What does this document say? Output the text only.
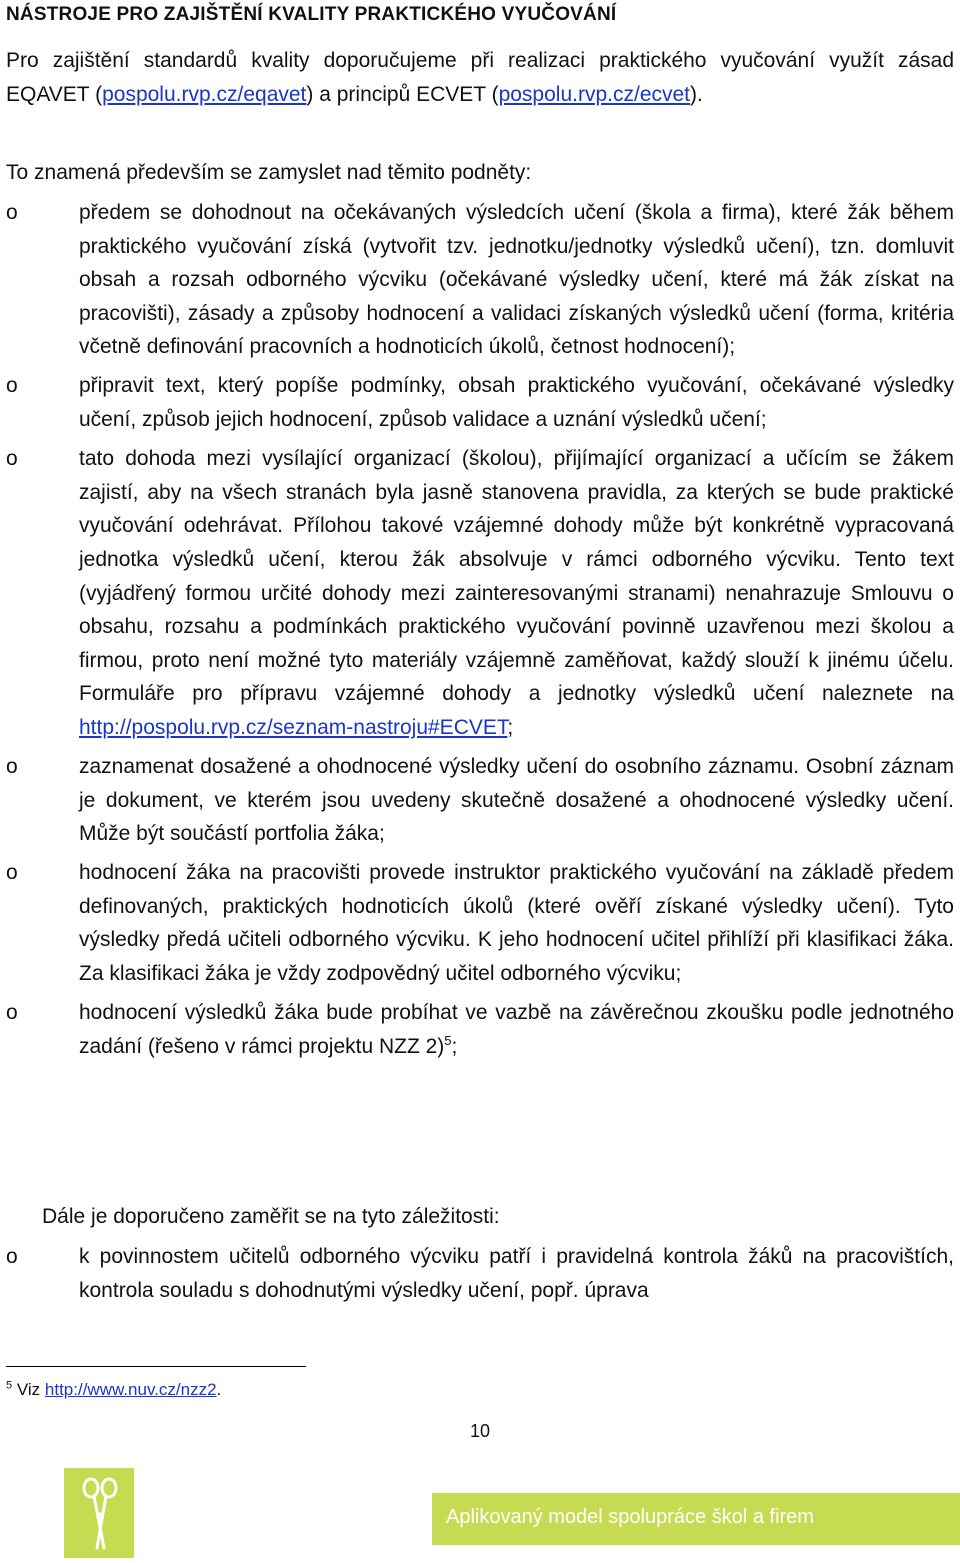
NÁSTROJE PRO ZAJIŠTĚNÍ KVALITY PRAKTICKÉHO VYUČOVÁNÍ

Pro zajištění standardů kvality doporučujeme při realizaci praktického vyučování využít zásad EQAVET (pospolu.rvp.cz/eqavet) a principů ECVET (pospolu.rvp.cz/ecvet).

To znamená především se zamyslet nad těmito podněty:

o	předem se dohodnout na očekávaných výsledcích učení (škola a firma), které žák během praktického vyučování získá (vytvořit tzv. jednotku/jednotky výsledků učení), tzn. domluvit obsah a rozsah odborného výcviku (očekávané výsledky učení, které má žák získat na pracovišti), zásady a způsoby hodnocení a validaci získaných výsledků učení (forma, kritéria včetně definování pracovních a hodnoticích úkolů, četnost hodnocení);
o	připravit text, který popíše podmínky, obsah praktického vyučování, očekávané výsledky učení, způsob jejich hodnocení, způsob validace a uznání výsledků učení;
o	tato dohoda mezi vysílající organizací (školou), přijímající organizací a učícím se žákem zajistí, aby na všech stranách byla jasně stanovena pravidla, za kterých se bude praktické vyučování odehrávat. Přílohou takové vzájemné dohody může být konkrétně vypracovaná jednotka výsledků učení, kterou žák absolvuje v rámci odborného výcviku. Tento text (vyjádřený formou určité dohody mezi zainteresovanými stranami) nenahrazuje Smlouvu o obsahu, rozsahu a podmínkách praktického vyučování povinně uzavřenou mezi školou a firmou, proto není možné tyto materiály vzájemně zaměňovat, každý slouží k jinému účelu. Formuláře pro přípravu vzájemné dohody a jednotky výsledků učení naleznete na http://pospolu.rvp.cz/seznam-nastroju#ECVET;
o	zaznamenat dosažené a ohodnocené výsledky učení do osobního záznamu. Osobní záznam je dokument, ve kterém jsou uvedeny skutečně dosažené a ohodnocené výsledky učení. Může být součástí portfolia žáka;
o	hodnocení žáka na pracovišti provede instruktor praktického vyučování na základě předem definovaných, praktických hodnoticích úkolů (které ověří získané výsledky učení). Tyto výsledky předá učiteli odborného výcviku. K jeho hodnocení učitel přihlíží při klasifikaci žáka. Za klasifikaci žáka je vždy zodpovědný učitel odborného výcviku;
o	hodnocení výsledků žáka bude probíhat ve vazbě na závěrečnou zkoušku podle jednotného zadání (řešeno v rámci projektu NZZ 2)$^5$;

Dále je doporučeno zaměřit se na tyto záležitosti:

o	k povinnostem učitelů odborného výcviku patří i pravidelná kontrola žáků na pracovištích, kontrola souladu s dohodnutými výsledky učení, popř. úprava
$^5$ Viz http://www.nuv.cz/nzz2.
10
Aplikovaný model spolupráce škol a firem
